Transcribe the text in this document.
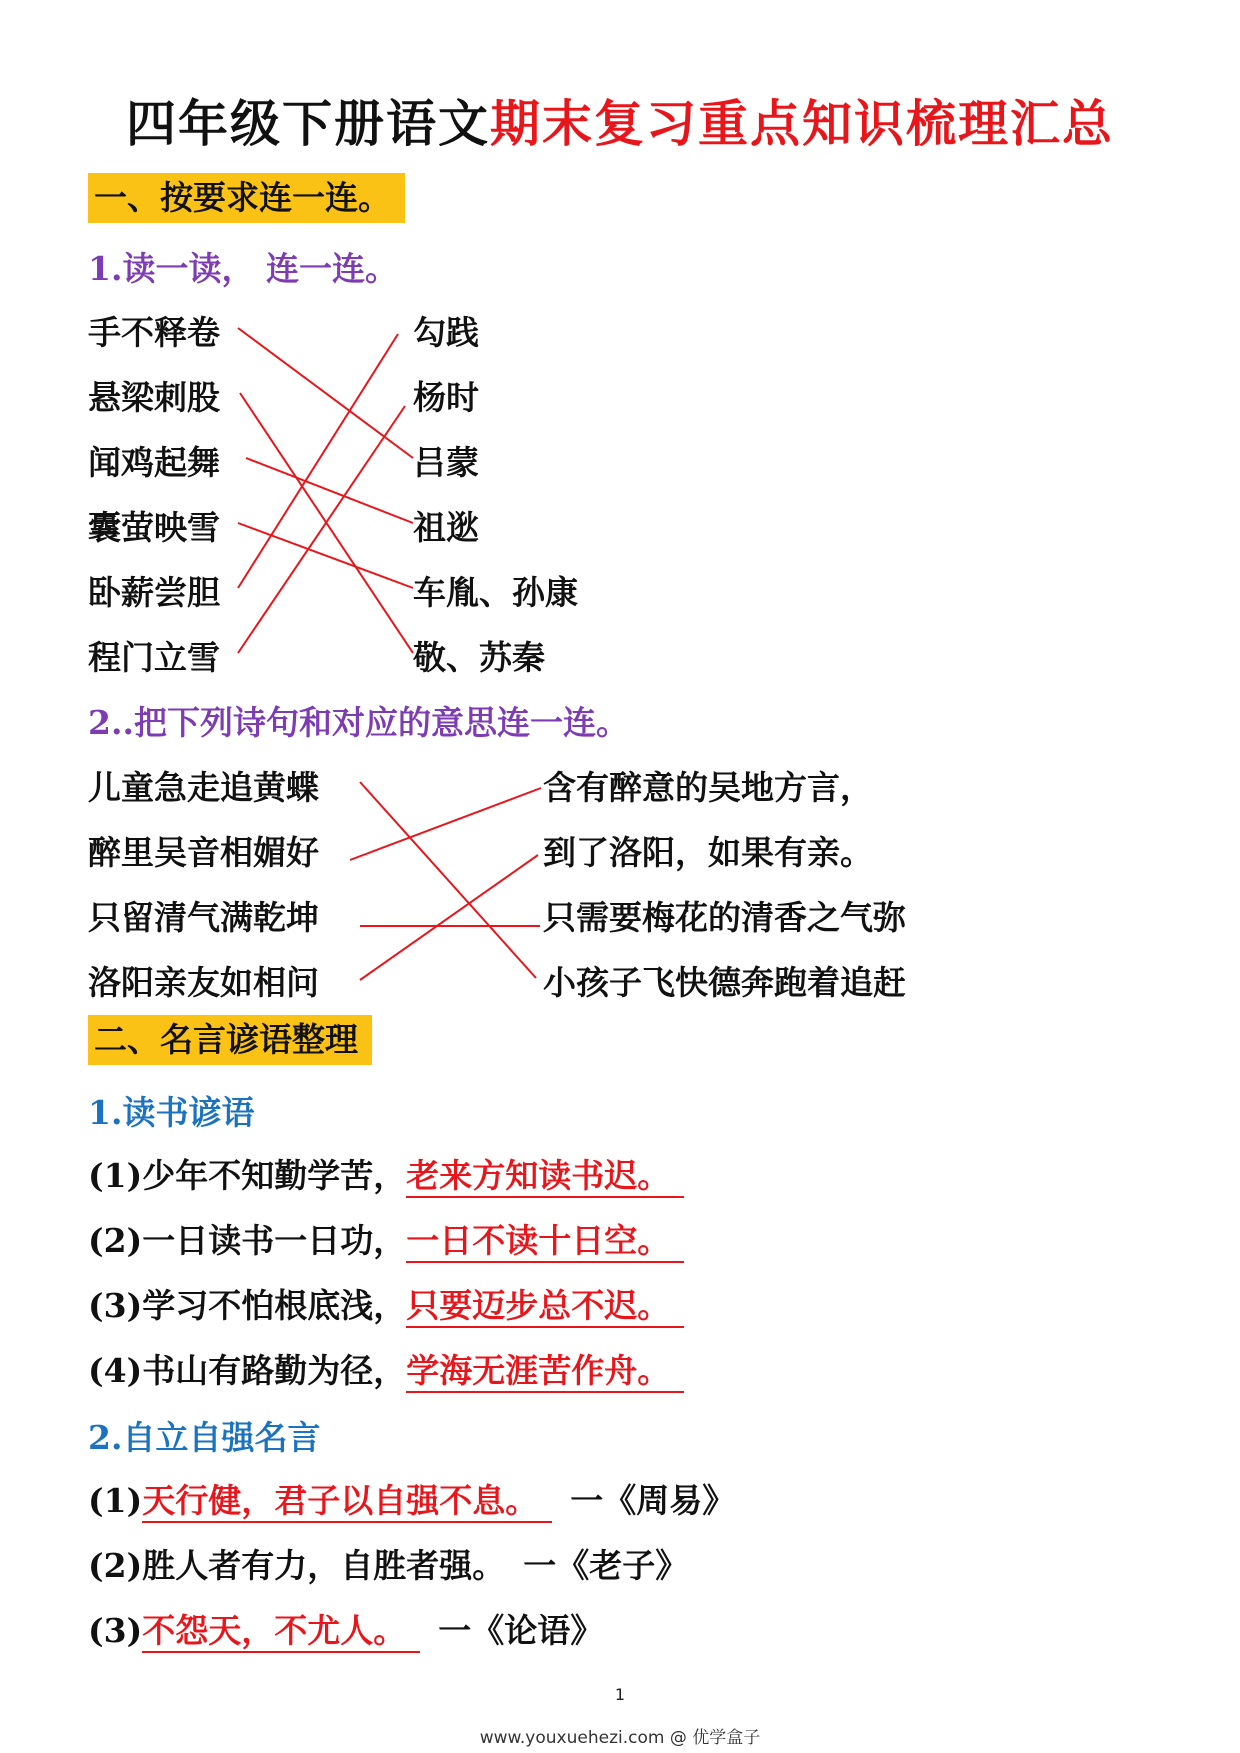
四年级下册语文期末复习重点知识梳理汇总
一、按要求连一连。
1.读一读， 连一连。
手不释卷
悬梁刺股
闻鸡起舞
囊萤映雪
卧薪尝胆
程门立雪
勾践
杨时
吕蒙
祖逖
车胤、孙康
敬、苏秦
2..把下列诗句和对应的意思连一连。
儿童急走追黄蝶
醉里吴音相媚好
只留清气满乾坤
洛阳亲友如相问
含有醉意的吴地方言，
到了洛阳，如果有亲。
只需要梅花的清香之气弥
小孩子飞快德奔跑着追赶
二、名言谚语整理
1.读书谚语
(1)少年不知勤学苦，老来方知读书迟。
(2)一日读书一日功，一日不读十日空。
(3)学习不怕根底浅，只要迈步总不迟。
(4)书山有路勤为径，学海无涯苦作舟。
2.自立自强名言
(1)天行健，君子以自强不息。 一《周易》
(2)胜人者有力，自胜者强。 一《老子》
(3)不怨天，不尤人。 一《论语》
1
www.youxuehezi.com @ 优学盒子
